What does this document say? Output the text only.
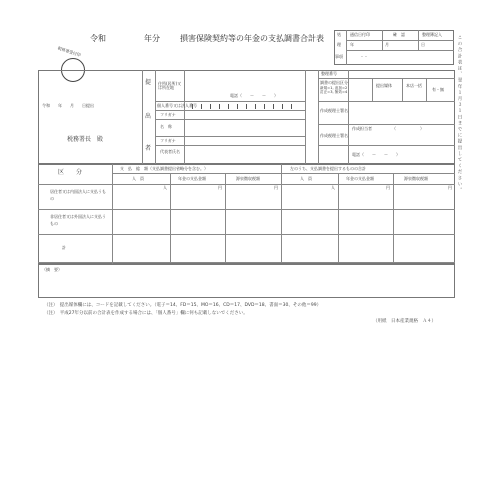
令和	年分	損害保険契約等の年金の支払調書合計表
税務署受付印
処
理
事項
通信日付印	確　認	整理簿記入
年	月	日
・・	この合計表は、翌年１月３１日までに提出してください。
令和　　年　　月　　日提出
税務署長　殿
提
出
者
住所(居所)又は所在地
電話（　　ー　　ー　　）
個人番号又は法人番号
フリガナ
名　称
フリガナ
代表者氏名
整理番号
調書の提出区分
新規=1, 追加=2 訂正=3, 無効=4
提出媒体	本店一括
有・無
作成税理士署名
作成担当者	（　　　　　　）
作成税理士署名
電話（　　ー　　ー　　）
区　　分
支　払　総　額（支払調書提出省略分を含む。）	左のうち、支払調書を提出するものの合計
人　員	年金の支払金額	源泉徴収税額	人　員	年金の支払金額	源泉徴収税額
人	円	円	人	円	円
居住者又は内国法人に支払うもの
非居住者又は外国法人に支払うもの
計
（摘　要）
（注）　提出媒体欄には、コードを記載してください。（電子＝14、FD＝15、MO＝16、CD＝17、DVD＝18、書面＝30、その他＝99）
（注）　平成27年分以前の合計表を作成する場合には、「個人番号」欄に何も記載しないでください。
（用紙　日本産業規格　Ａ４）
